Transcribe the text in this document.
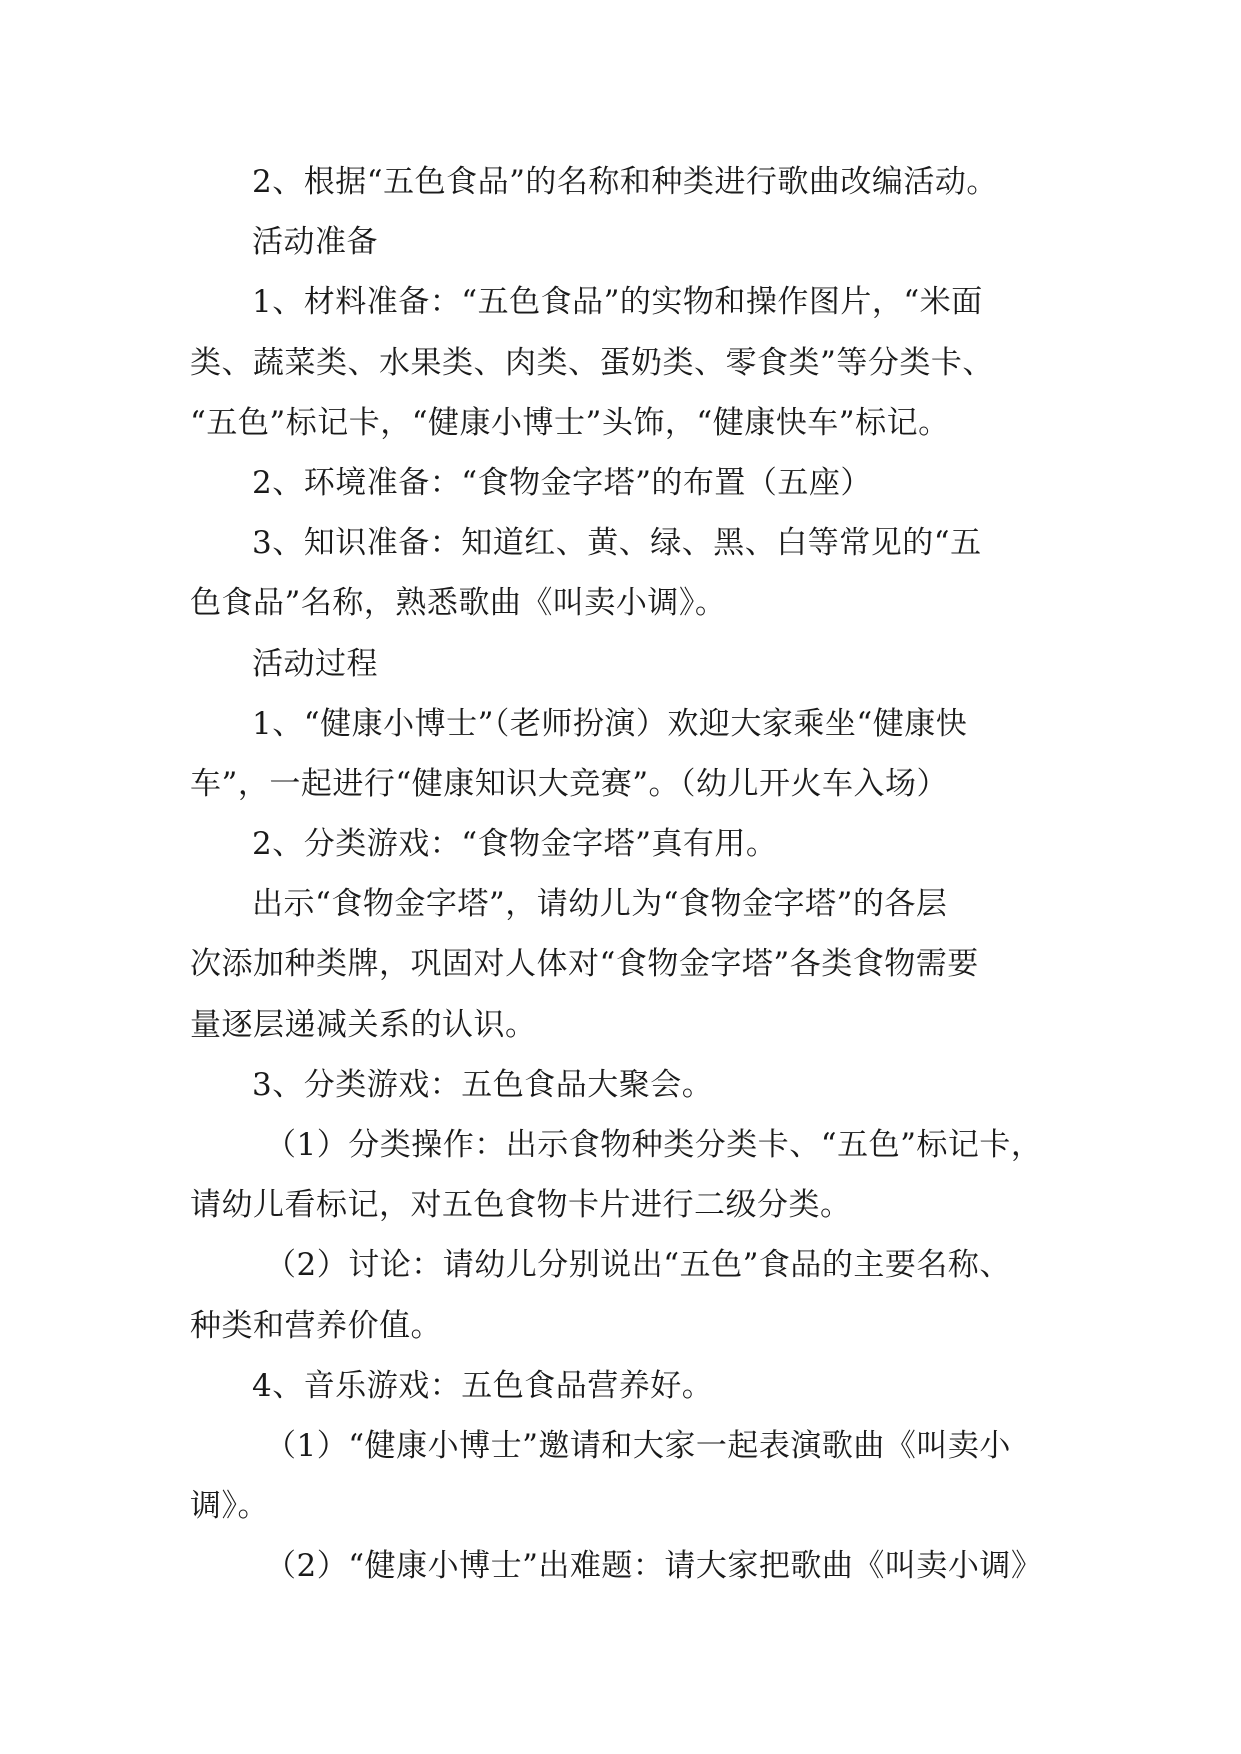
2、根据“五色食品”的名称和种类进行歌曲改编活动。
活动准备
1、材料准备：“五色食品”的实物和操作图片，“米面
类、蔬菜类、水果类、肉类、蛋奶类、零食类”等分类卡、
“五色”标记卡，“健康小博士”头饰，“健康快车”标记。
2、环境准备：“食物金字塔”的布置（五座）
3、知识准备：知道红、黄、绿、黑、白等常见的“五
色食品”名称，熟悉歌曲《叫卖小调》。
活动过程
1、“健康小博士”（老师扮演）欢迎大家乘坐“健康快
车”，一起进行“健康知识大竞赛”。（幼儿开火车入场）
2、分类游戏：“食物金字塔”真有用。
出示“食物金字塔”，请幼儿为“食物金字塔”的各层
次添加种类牌，巩固对人体对“食物金字塔”各类食物需要
量逐层递减关系的认识。
3、分类游戏：五色食品大聚会。
（1）分类操作：出示食物种类分类卡、“五色”标记卡，
请幼儿看标记，对五色食物卡片进行二级分类。
（2）讨论：请幼儿分别说出“五色”食品的主要名称、
种类和营养价值。
4、音乐游戏：五色食品营养好。
（1）“健康小博士”邀请和大家一起表演歌曲《叫卖小
调》。
（2）“健康小博士”出难题：请大家把歌曲《叫卖小调》
